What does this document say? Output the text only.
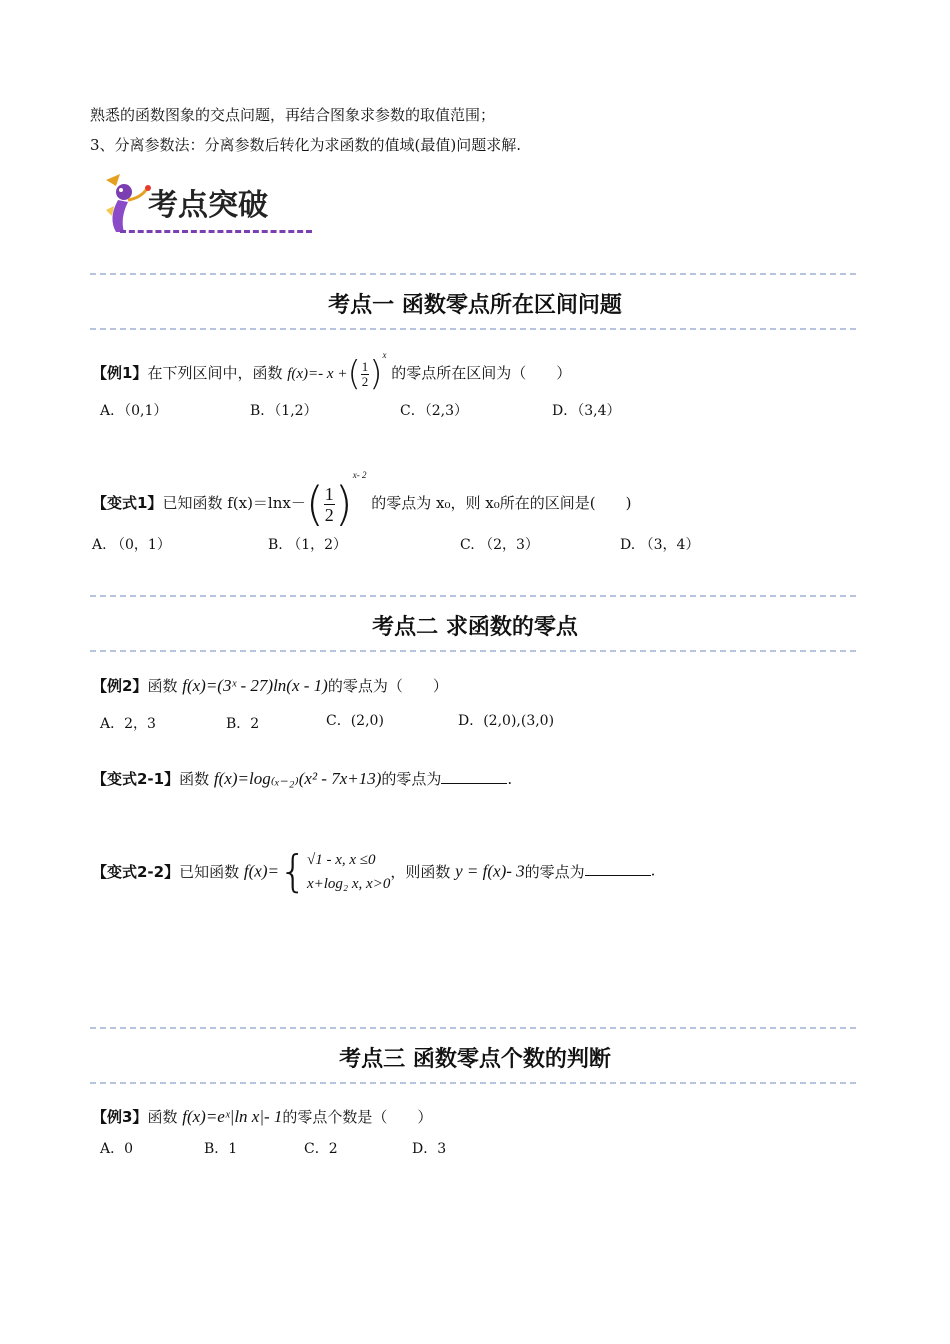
熟悉的函数图象的交点问题，再结合图象求参数的取值范围；
3、分离参数法：分离参数后转化为求函数的值域(最值)问题求解.
考点突破
考点一 函数零点所在区间问题
【例1】在下列区间中，函数 f(x)=- x +( $\frac{1}{2} )^x$ 的零点所在区间为（　　）
A．（0,1）	B．（1,2）	C．（2,3）	D．（3,4）
【变式1】已知函数 $f(x)=\ln x-( \frac{1}{2} )^{x- 2}$ 的零点为 x₀，则 x₀所在的区间是(　　)
A. （0，1）	B. （1，2）	C. （2，3）	D. （3，4）
考点二 求函数的零点
【例2】函数 f(x)=(3ˣ - 27)ln(x - 1)的零点为（　　）
A．2，3	B．2	C．(2,0)	D．(2,0),(3,0)
【变式2-1】函数 f(x)=log₍ₓ₋₂₎(x² - 7x+13)的零点为	.
【变式2-2】已知函数 f(x)={ √1 - x, x ≤0
x+log₂ x, x>0
，则函数 y = f(x)- 3的零点为	.
考点三 函数零点个数的判断
【例3】函数 f(x)=eˣ|ln x|- 1的零点个数是（　　）
A．0	B．1	C．2	D．3
